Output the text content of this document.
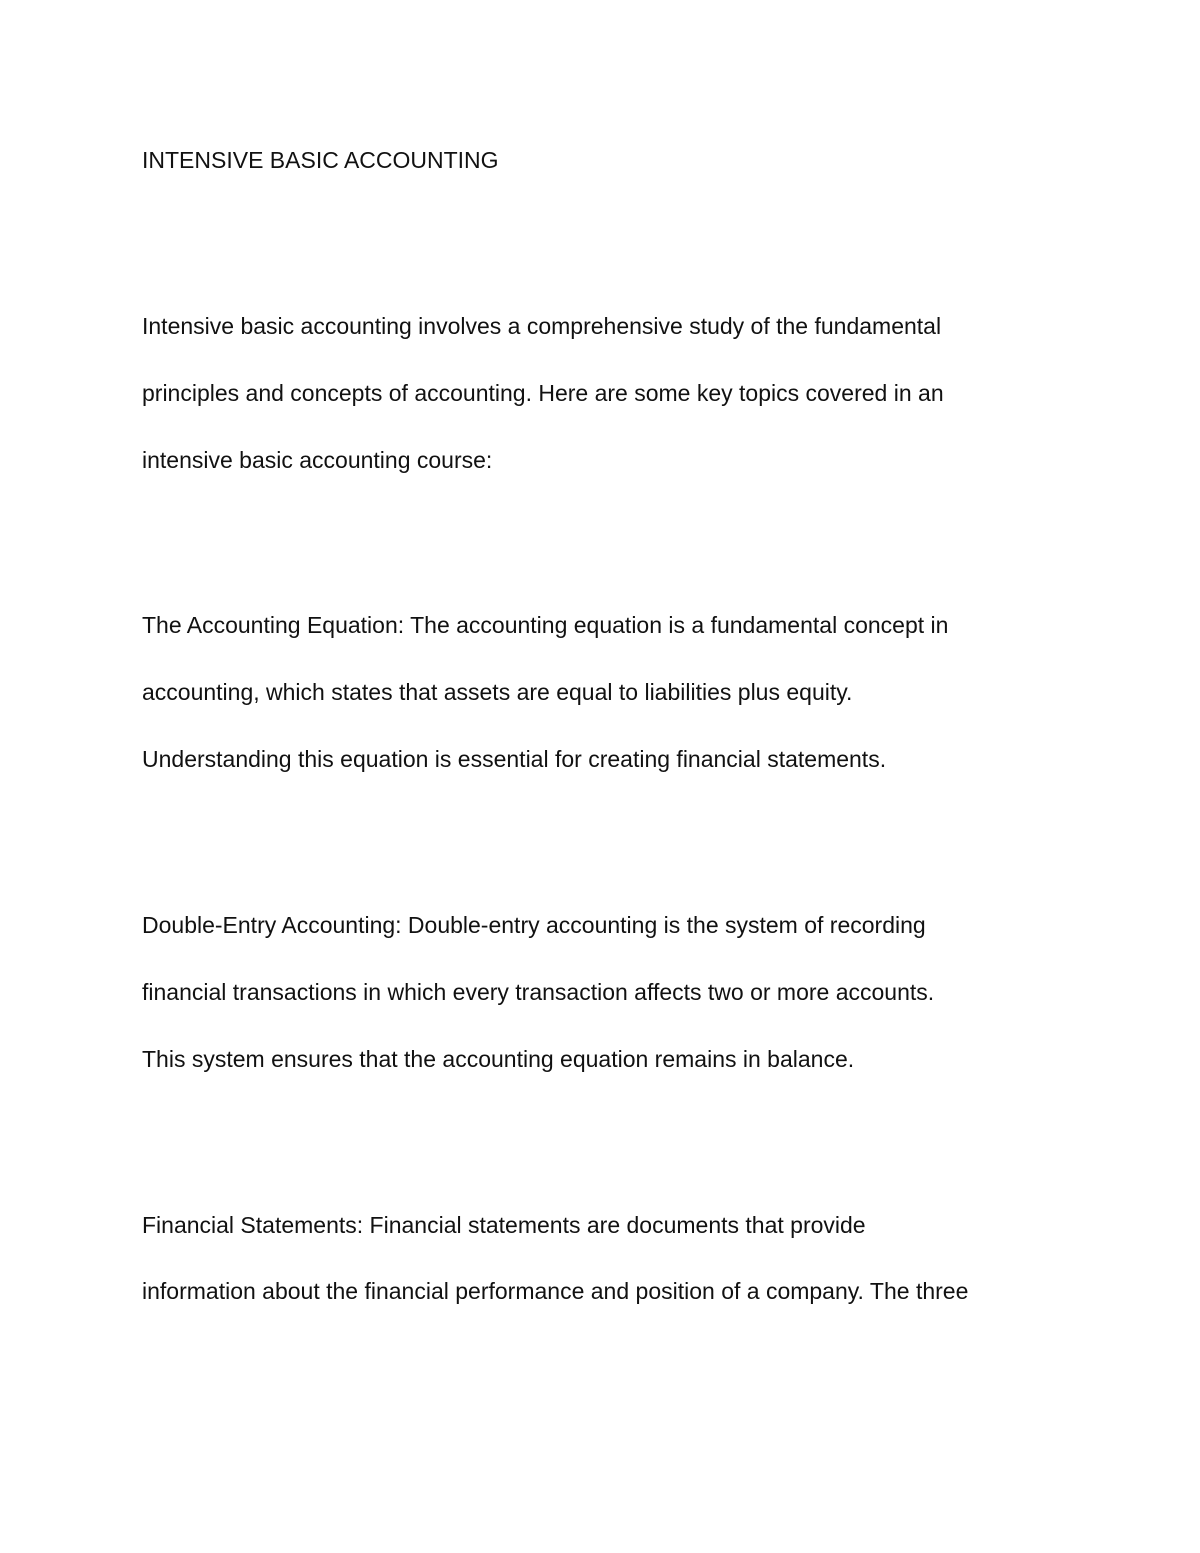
INTENSIVE BASIC ACCOUNTING
Intensive basic accounting involves a comprehensive study of the fundamental
principles and concepts of accounting. Here are some key topics covered in an
intensive basic accounting course:
The Accounting Equation: The accounting equation is a fundamental concept in
accounting, which states that assets are equal to liabilities plus equity.
Understanding this equation is essential for creating financial statements.
Double-Entry Accounting: Double-entry accounting is the system of recording
financial transactions in which every transaction affects two or more accounts.
This system ensures that the accounting equation remains in balance.
Financial Statements: Financial statements are documents that provide
information about the financial performance and position of a company. The three
